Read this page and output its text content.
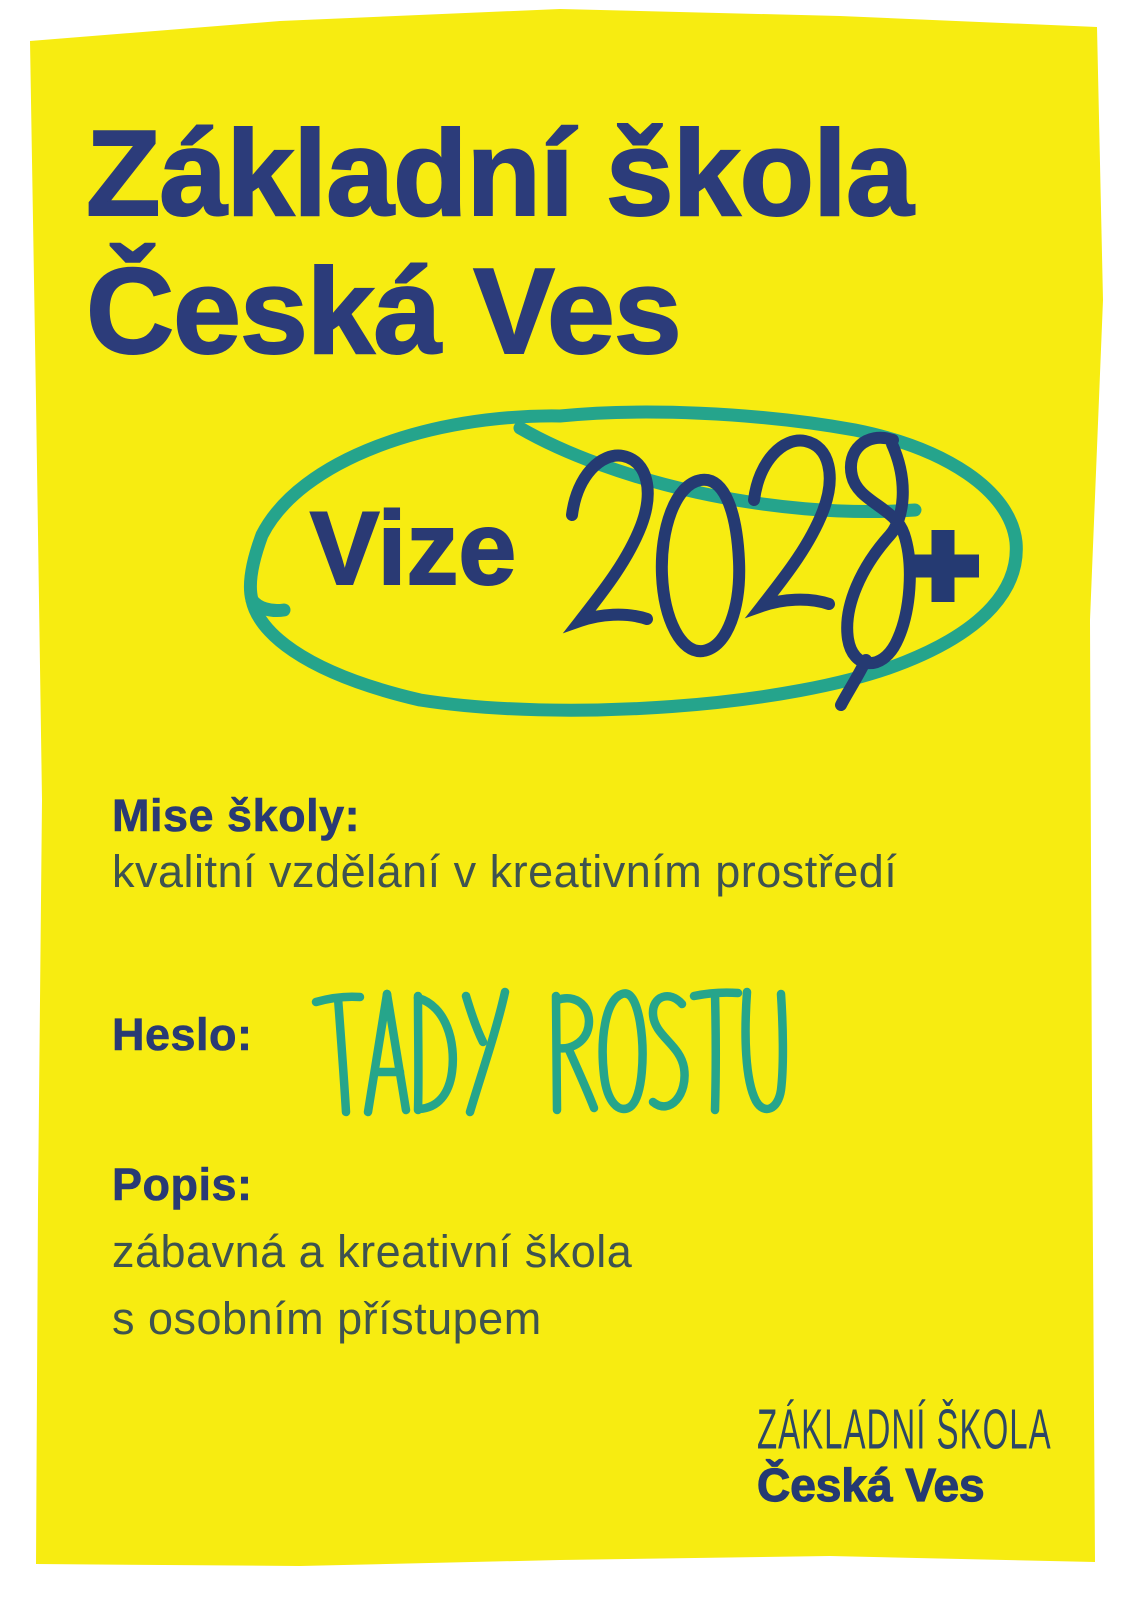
Základní škola
Česká Ves
Vize
Mise školy:
kvalitní vzdělání v kreativním prostředí
Heslo:
Popis:
zábavná a kreativní škola
s osobním přístupem
ZÁKLADNÍ ŠKOLA
Česká Ves
